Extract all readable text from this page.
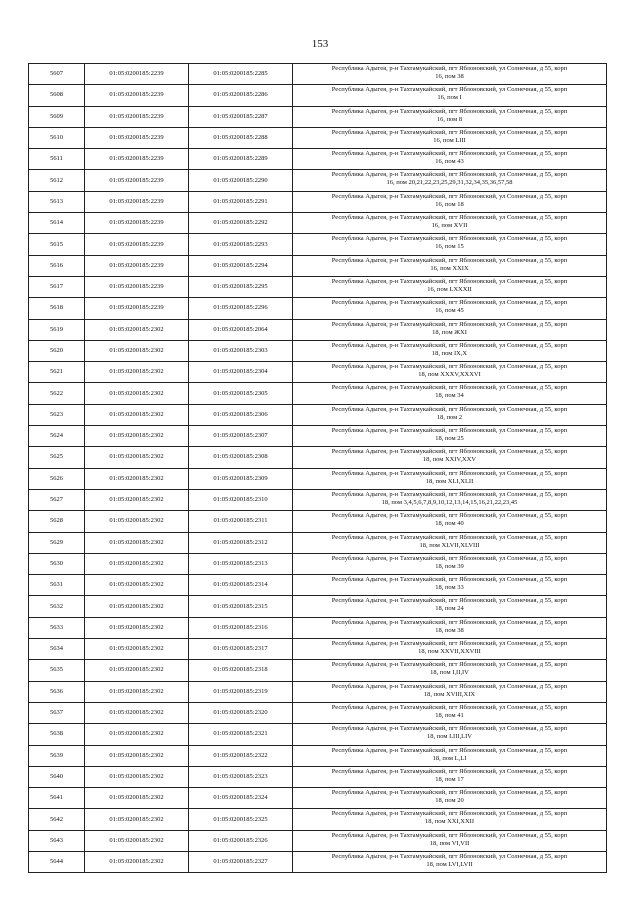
153
5607	01:05:0200185:2239	01:05:0200185:2285	Республика Адыгея, р-н Тахтамукайский, пгт Яблоновский, ул Солнечная, д 55, корп
16, пом 38

5608	01:05:0200185:2239	01:05:0200185:2286	Республика Адыгея, р-н Тахтамукайский, пгт Яблоновский, ул Солнечная, д 55, корп
16, пом I

5609	01:05:0200185:2239	01:05:0200185:2287	Республика Адыгея, р-н Тахтамукайский, пгт Яблоновский, ул Солнечная, д 55, корп
16, пом 8

5610	01:05:0200185:2239	01:05:0200185:2288	Республика Адыгея, р-н Тахтамукайский, пгт Яблоновский, ул Солнечная, д 55, корп
16, пом LIII

5611	01:05:0200185:2239	01:05:0200185:2289	Республика Адыгея, р-н Тахтамукайский, пгт Яблоновский, ул Солнечная, д 55, корп
16, пом 43

5612	01:05:0200185:2239	01:05:0200185:2290	Республика Адыгея, р-н Тахтамукайский, пгт Яблоновский, ул Солнечная, д 55, корп
16, пом 20,21,22,23,25,29,31,32,34,35,36,57,58

5613	01:05:0200185:2239	01:05:0200185:2291	Республика Адыгея, р-н Тахтамукайский, пгт Яблоновский, ул Солнечная, д 55, корп
16, пом 18

5614	01:05:0200185:2239	01:05:0200185:2292	Республика Адыгея, р-н Тахтамукайский, пгт Яблоновский, ул Солнечная, д 55, корп
16, пом XVII

5615	01:05:0200185:2239	01:05:0200185:2293	Республика Адыгея, р-н Тахтамукайский, пгт Яблоновский, ул Солнечная, д 55, корп
16, пом 15

5616	01:05:0200185:2239	01:05:0200185:2294	Республика Адыгея, р-н Тахтамукайский, пгт Яблоновский, ул Солнечная, д 55, корп
16, пом XXIX

5617	01:05:0200185:2239	01:05:0200185:2295	Республика Адыгея, р-н Тахтамукайский, пгт Яблоновский, ул Солнечная, д 55, корп
16, пом LXXXII

5618	01:05:0200185:2239	01:05:0200185:2296	Республика Адыгея, р-н Тахтамукайский, пгт Яблоновский, ул Солнечная, д 55, корп
16, пом 45

5619	01:05:0200185:2302	01:05:0200185:2064	Республика Адыгея, р-н Тахтамукайский, пгт Яблоновский, ул Солнечная, д 55, корп
18, пом ЖXI

5620	01:05:0200185:2302	01:05:0200185:2303	Республика Адыгея, р-н Тахтамукайский, пгт Яблоновский, ул Солнечная, д 55, корп
18, пом IX,X

5621	01:05:0200185:2302	01:05:0200185:2304	Республика Адыгея, р-н Тахтамукайский, пгт Яблоновский, ул Солнечная, д 55, корп
18, пом XXXV,XXXVI

5622	01:05:0200185:2302	01:05:0200185:2305	Республика Адыгея, р-н Тахтамукайский, пгт Яблоновский, ул Солнечная, д 55, корп
18, пом 34

5623	01:05:0200185:2302	01:05:0200185:2306	Республика Адыгея, р-н Тахтамукайский, пгт Яблоновский, ул Солнечная, д 55, корп
18, пом 2

5624	01:05:0200185:2302	01:05:0200185:2307	Республика Адыгея, р-н Тахтамукайский, пгт Яблоновский, ул Солнечная, д 55, корп
18, пом 25

5625	01:05:0200185:2302	01:05:0200185:2308	Республика Адыгея, р-н Тахтамукайский, пгт Яблоновский, ул Солнечная, д 55, корп
18, пом XXIV,XXV

5626	01:05:0200185:2302	01:05:0200185:2309	Республика Адыгея, р-н Тахтамукайский, пгт Яблоновский, ул Солнечная, д 55, корп
18, пом XLI,XLII

5627	01:05:0200185:2302	01:05:0200185:2310	Республика Адыгея, р-н Тахтамукайский, пгт Яблоновский, ул Солнечная, д 55, корп
18, пом 3,4,5,6,7,8,9,10,12,13,14,15,16,21,22,23,45

5628	01:05:0200185:2302	01:05:0200185:2311	Республика Адыгея, р-н Тахтамукайский, пгт Яблоновский, ул Солнечная, д 55, корп
18, пом 40

5629	01:05:0200185:2302	01:05:0200185:2312	Республика Адыгея, р-н Тахтамукайский, пгт Яблоновский, ул Солнечная, д 55, корп
18, пом XLVII,XLVIII

5630	01:05:0200185:2302	01:05:0200185:2313	Республика Адыгея, р-н Тахтамукайский, пгт Яблоновский, ул Солнечная, д 55, корп
18, пом 39

5631	01:05:0200185:2302	01:05:0200185:2314	Республика Адыгея, р-н Тахтамукайский, пгт Яблоновский, ул Солнечная, д 55, корп
18, пом 33

5632	01:05:0200185:2302	01:05:0200185:2315	Республика Адыгея, р-н Тахтамукайский, пгт Яблоновский, ул Солнечная, д 55, корп
18, пом 24

5633	01:05:0200185:2302	01:05:0200185:2316	Республика Адыгея, р-н Тахтамукайский, пгт Яблоновский, ул Солнечная, д 55, корп
18, пом 38

5634	01:05:0200185:2302	01:05:0200185:2317	Республика Адыгея, р-н Тахтамукайский, пгт Яблоновский, ул Солнечная, д 55, корп
18, пом XXVII,XXVIII

5635	01:05:0200185:2302	01:05:0200185:2318	Республика Адыгея, р-н Тахтамукайский, пгт Яблоновский, ул Солнечная, д 55, корп
18, пом I,II,IV

5636	01:05:0200185:2302	01:05:0200185:2319	Республика Адыгея, р-н Тахтамукайский, пгт Яблоновский, ул Солнечная, д 55, корп
18, пом XVIII,XIX

5637	01:05:0200185:2302	01:05:0200185:2320	Республика Адыгея, р-н Тахтамукайский, пгт Яблоновский, ул Солнечная, д 55, корп
18, пом 41

5638	01:05:0200185:2302	01:05:0200185:2321	Республика Адыгея, р-н Тахтамукайский, пгт Яблоновский, ул Солнечная, д 55, корп
18, пом LIII,LIV

5639	01:05:0200185:2302	01:05:0200185:2322	Республика Адыгея, р-н Тахтамукайский, пгт Яблоновский, ул Солнечная, д 55, корп
18, пом L,LI

5640	01:05:0200185:2302	01:05:0200185:2323	Республика Адыгея, р-н Тахтамукайский, пгт Яблоновский, ул Солнечная, д 55, корп
18, пом 17

5641	01:05:0200185:2302	01:05:0200185:2324	Республика Адыгея, р-н Тахтамукайский, пгт Яблоновский, ул Солнечная, д 55, корп
18, пом 20

5642	01:05:0200185:2302	01:05:0200185:2325	Республика Адыгея, р-н Тахтамукайский, пгт Яблоновский, ул Солнечная, д 55, корп
18, пом XXI,XXII

5643	01:05:0200185:2302	01:05:0200185:2326	Республика Адыгея, р-н Тахтамукайский, пгт Яблоновский, ул Солнечная, д 55, корп
18, пом VI,VII

5644	01:05:0200185:2302	01:05:0200185:2327	Республика Адыгея, р-н Тахтамукайский, пгт Яблоновский, ул Солнечная, д 55, корп
18, пом LVI,LVII
